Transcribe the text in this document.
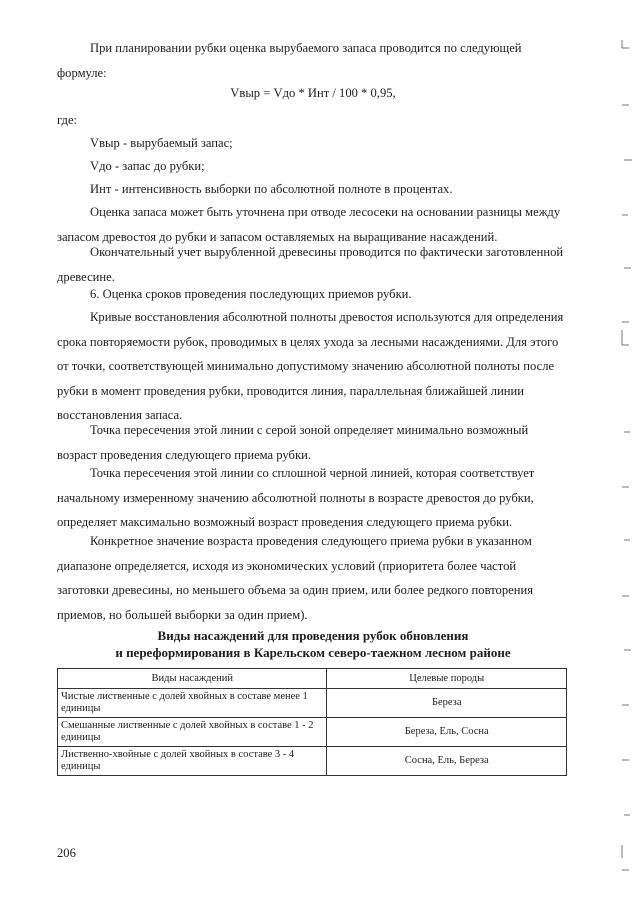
При планировании рубки оценка вырубаемого запаса проводится по следующей формуле:

Vвыр = Vдо * Инт / 100 * 0,95,

где:

Vвыр - вырубаемый запас;

Vдо - запас до рубки;

Инт - интенсивность выборки по абсолютной полноте в процентах.

Оценка запаса может быть уточнена при отводе лесосеки на основании разницы между запасом древостоя до рубки и запасом оставляемых на выращивание насаждений.

Окончательный учет вырубленной древесины проводится по фактически заготовленной древесине.

6. Оценка сроков проведения последующих приемов рубки.

Кривые восстановления абсолютной полноты древостоя используются для определения срока повторяемости рубок, проводимых в целях ухода за лесными насаждениями. Для этого от точки, соответствующей минимально допустимому значению абсолютной полноты после рубки в момент проведения рубки, проводится линия, параллельная ближайшей линии восстановления запаса.

Точка пересечения этой линии с серой зоной определяет минимально возможный возраст проведения следующего приема рубки.

Точка пересечения этой линии со сплошной черной линией, которая соответствует начальному измеренному значению абсолютной полноты в возрасте древостоя до рубки, определяет максимально возможный возраст проведения следующего приема рубки.

Конкретное значение возраста проведения следующего приема рубки в указанном диапазоне определяется, исходя из экономических условий (приоритета более частой заготовки древесины, но меньшего объема за один прием, или более редкого повторения приемов, но большей выборки за один прием).

Виды насаждений для проведения рубок обновления
и переформирования в Карельском северо-таежном лесном районе
Виды насаждений	Целевые породы
Чистые лиственные с долей хвойных в составе менее 1 единицы	Береза
Смешанные лиственные с долей хвойных в составе 1 - 2 единицы	Береза, Ель, Сосна
Лиственно-хвойные с долей хвойных в составе 3 - 4 единицы	Сосна, Ель, Береза
206
